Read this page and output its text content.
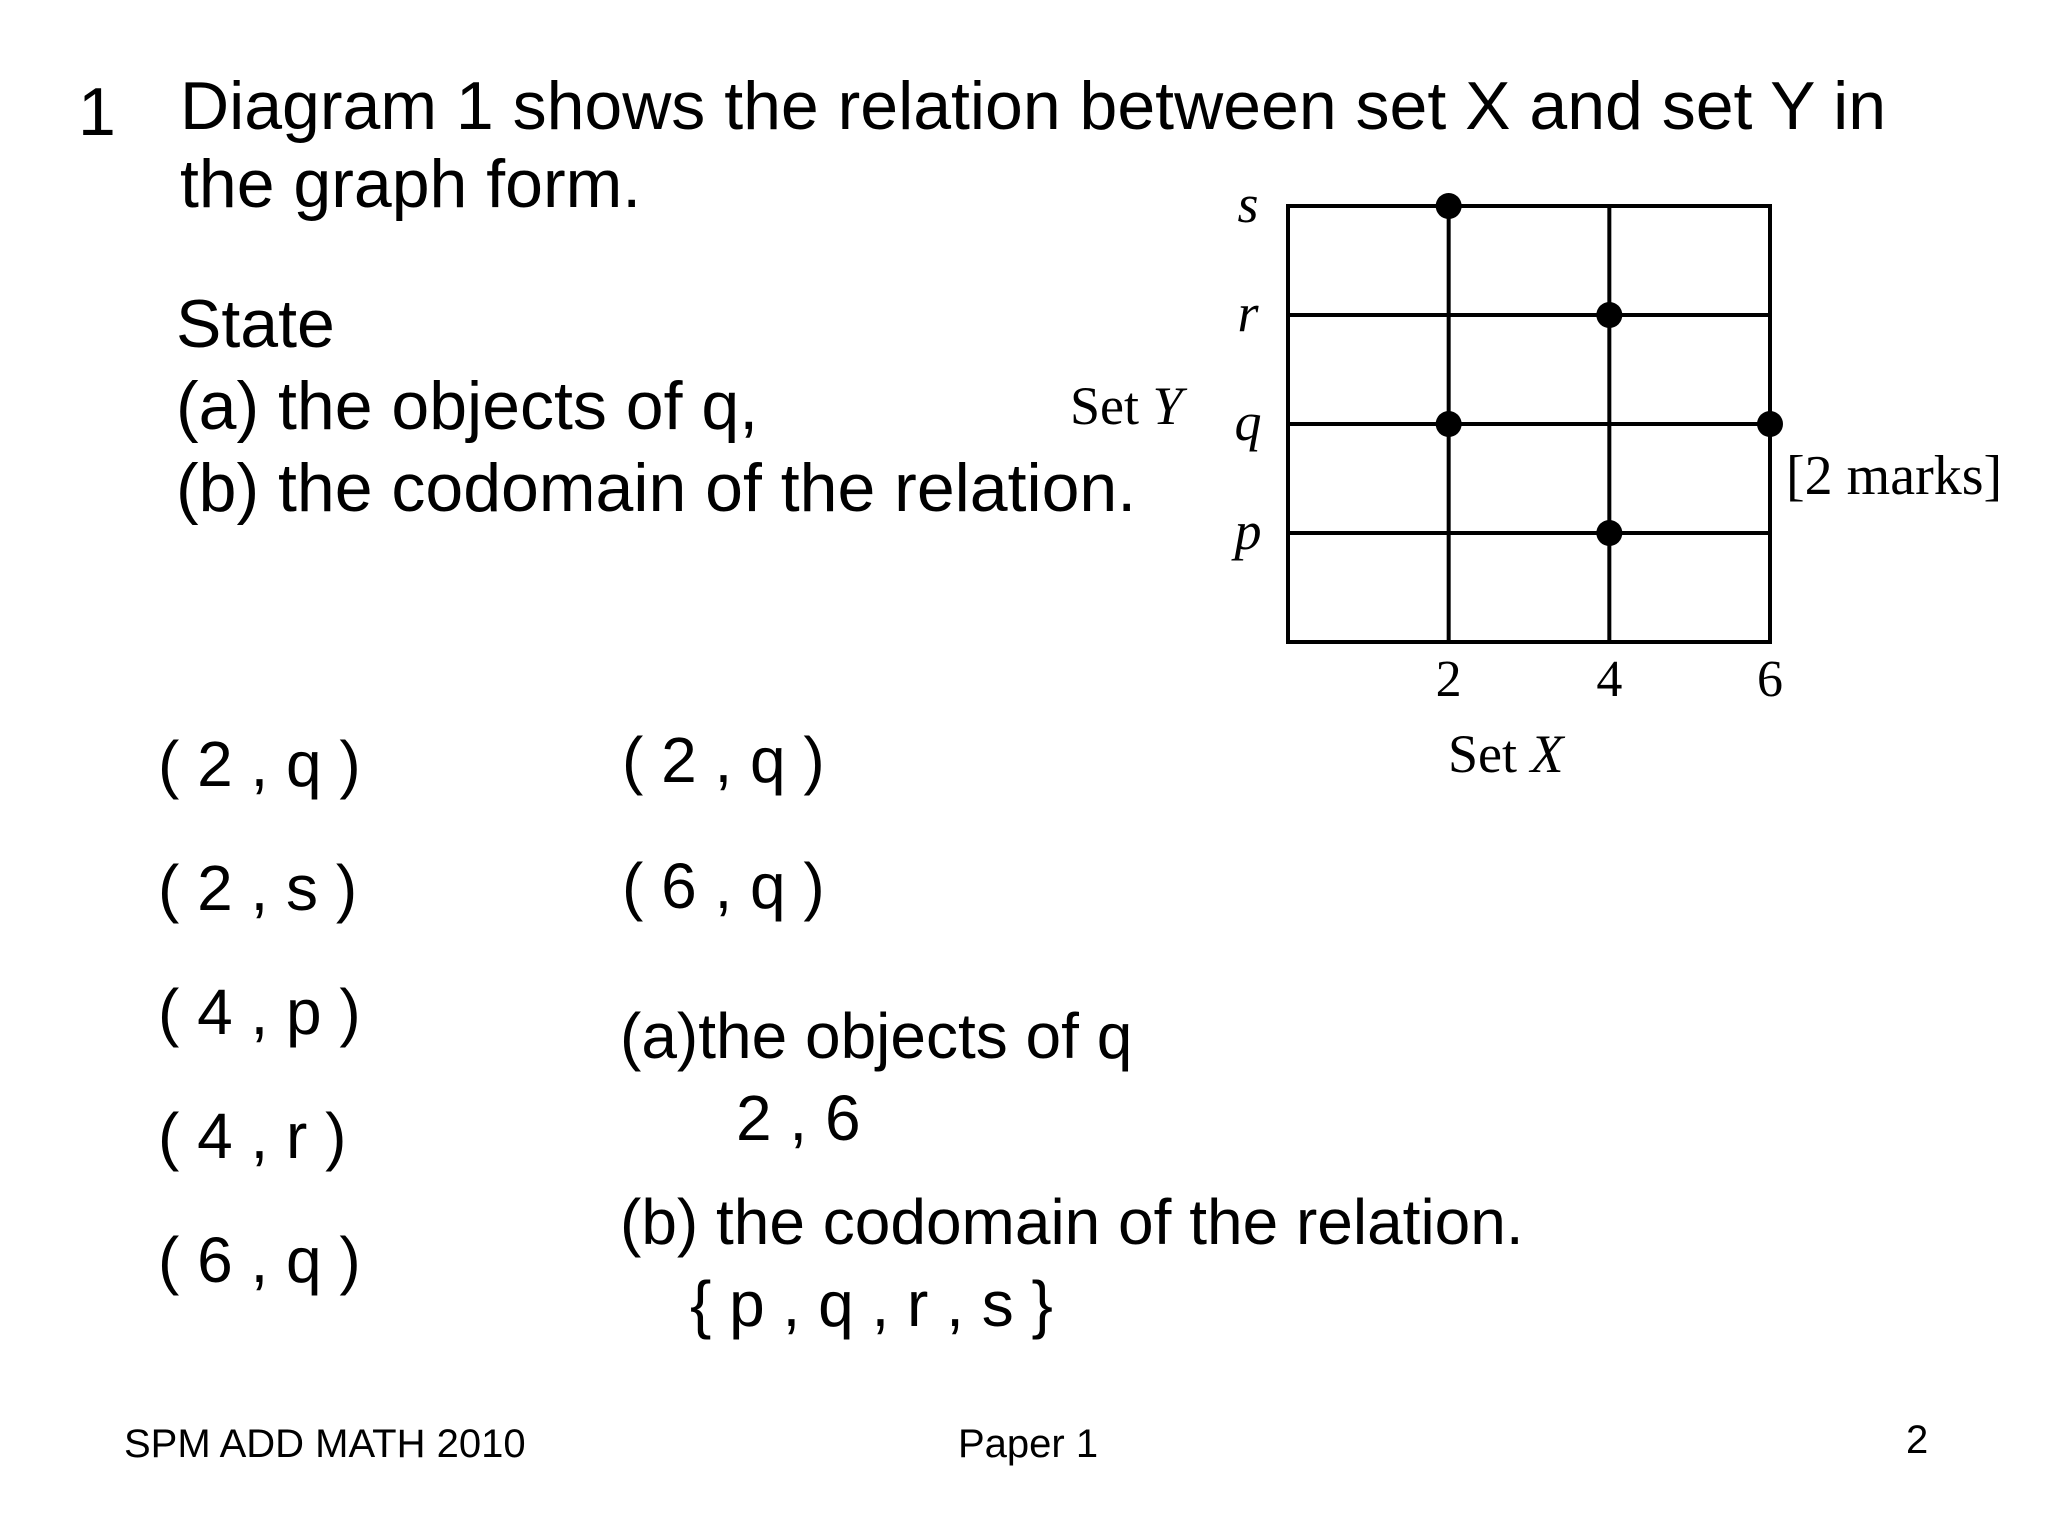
1 Diagram 1 shows the relation between set X and set Y in
the graph form.
State
(a) the objects of q,
(b) the codomain of the relation.
2	4	6
p
q
r
s
Set X
Set Y
[2 marks]
( 2 , q )
( 2 , s )
( 4 , p )
( 4 , r )
( 6 , q )
( 2 , q )
( 6 , q )
(a)the objects of q
2 , 6
(b) the codomain of the relation.
{ p , q , r , s }
SPM ADD MATH 2010	Paper 1	2
